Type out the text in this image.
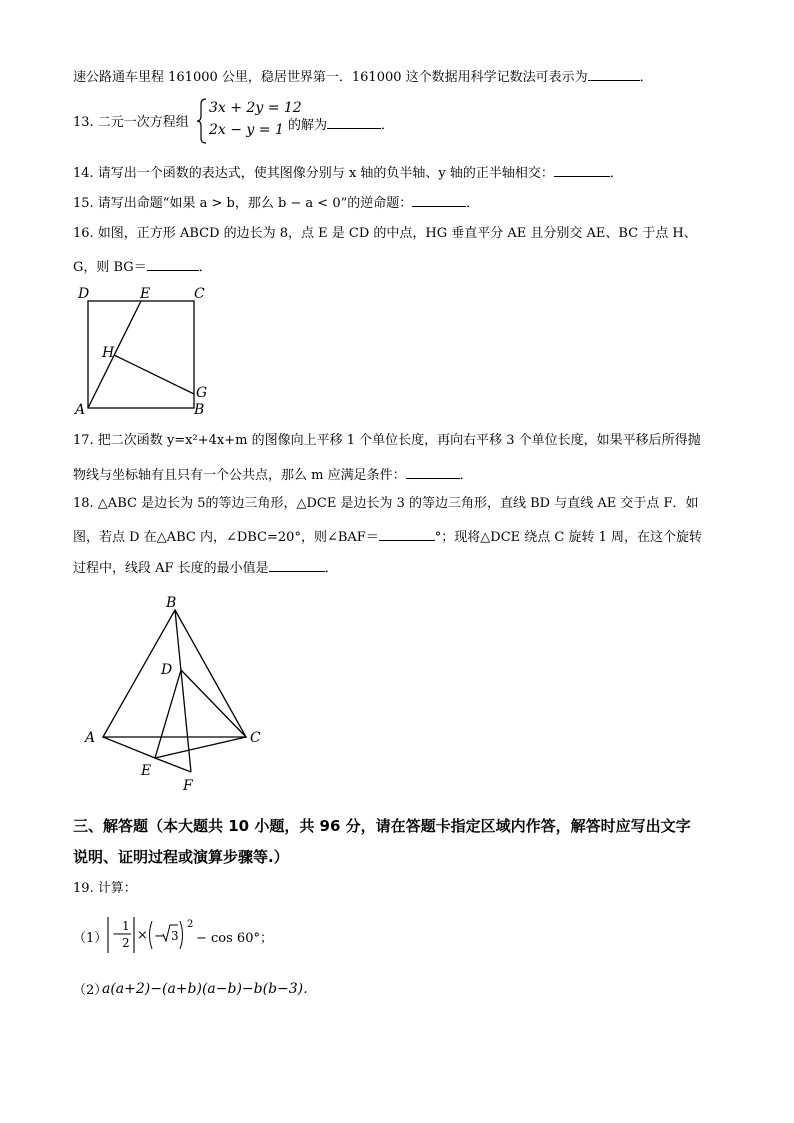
速公路通车里程 161000 公里，稳居世界第一．161000 这个数据用科学记数法可表示为	．
13. 二元一次方程组
3x + 2y = 12
2x − y = 1 的解为	．
14. 请写出一个函数的表达式，使其图像分别与 x 轴的负半轴、y 轴的正半轴相交：	．
15. 请写出命题“如果 a > b，那么 b − a < 0”的逆命题：	．
16. 如图，正方形 ABCD 的边长为 8，点 E 是 CD 的中点，HG 垂直平分 AE 且分别交 AE、BC 于点 H、
G，则 BG＝	．
D	E	C
H
G
A	B
17. 把二次函数 y=x²+4x+m 的图像向上平移 1 个单位长度，再向右平移 3 个单位长度，如果平移后所得抛
物线与坐标轴有且只有一个公共点，那么 m 应满足条件：	．
18. △ABC 是边长为 5的等边三角形，△DCE 是边长为 3 的等边三角形，直线 BD 与直线 AE 交于点 F．如
图，若点 D 在△ABC 内，∠DBC=20°，则∠BAF＝	°；现将△DCE 绕点 C 旋转 1 周，在这个旋转
过程中，线段 AF 长度的最小值是	．
B
D
A	C
E
F
三、解答题（本大题共 10 小题，共 96 分，请在答题卡指定区域内作答，解答时应写出文字
说明、证明过程或演算步骤等.）
19. 计算：
（1） −
1
2 × − 3
2
− cos 60°；
（2）
a(a+2)−(a+b)(a−b)−b(b−3)．
